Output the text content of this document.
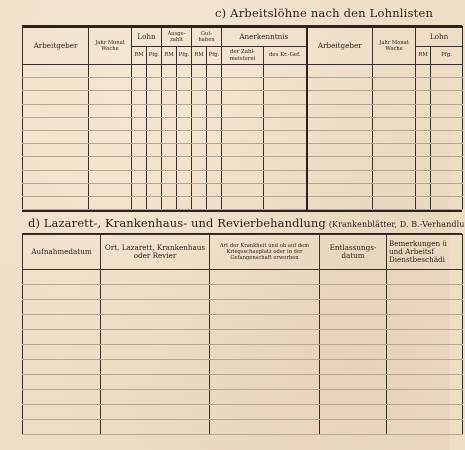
c) Arbeitslöhne nach den Lohnlisten
Arbeitgeber	Jahr Monat Woche	Lohn		Ausge- zahlt		Gut- haben		Anerkenntnis		Arbeitgeber	Jahr Monat Woche	Lohn	
		RM	Pfg.	RM	Pfg.	RM	Pfg.	der Zahl- meisterei	des Kr.-Gef.			RM	Pfg.

d) Lazarett-, Krankenhaus- und Revierbehandlung (Krankenblätter, D. B.-Verhandlu
Aufnahmedatum	Ort, Lazarett, Krankenhaus oder Revier	Art der Krankheit und ob auf dem Kriegsschauplatz oder in der Gefangenschaft erworben	Entlassungs- datum	Bemerkungen ü und Arbeitsf Dienstbeschädi
